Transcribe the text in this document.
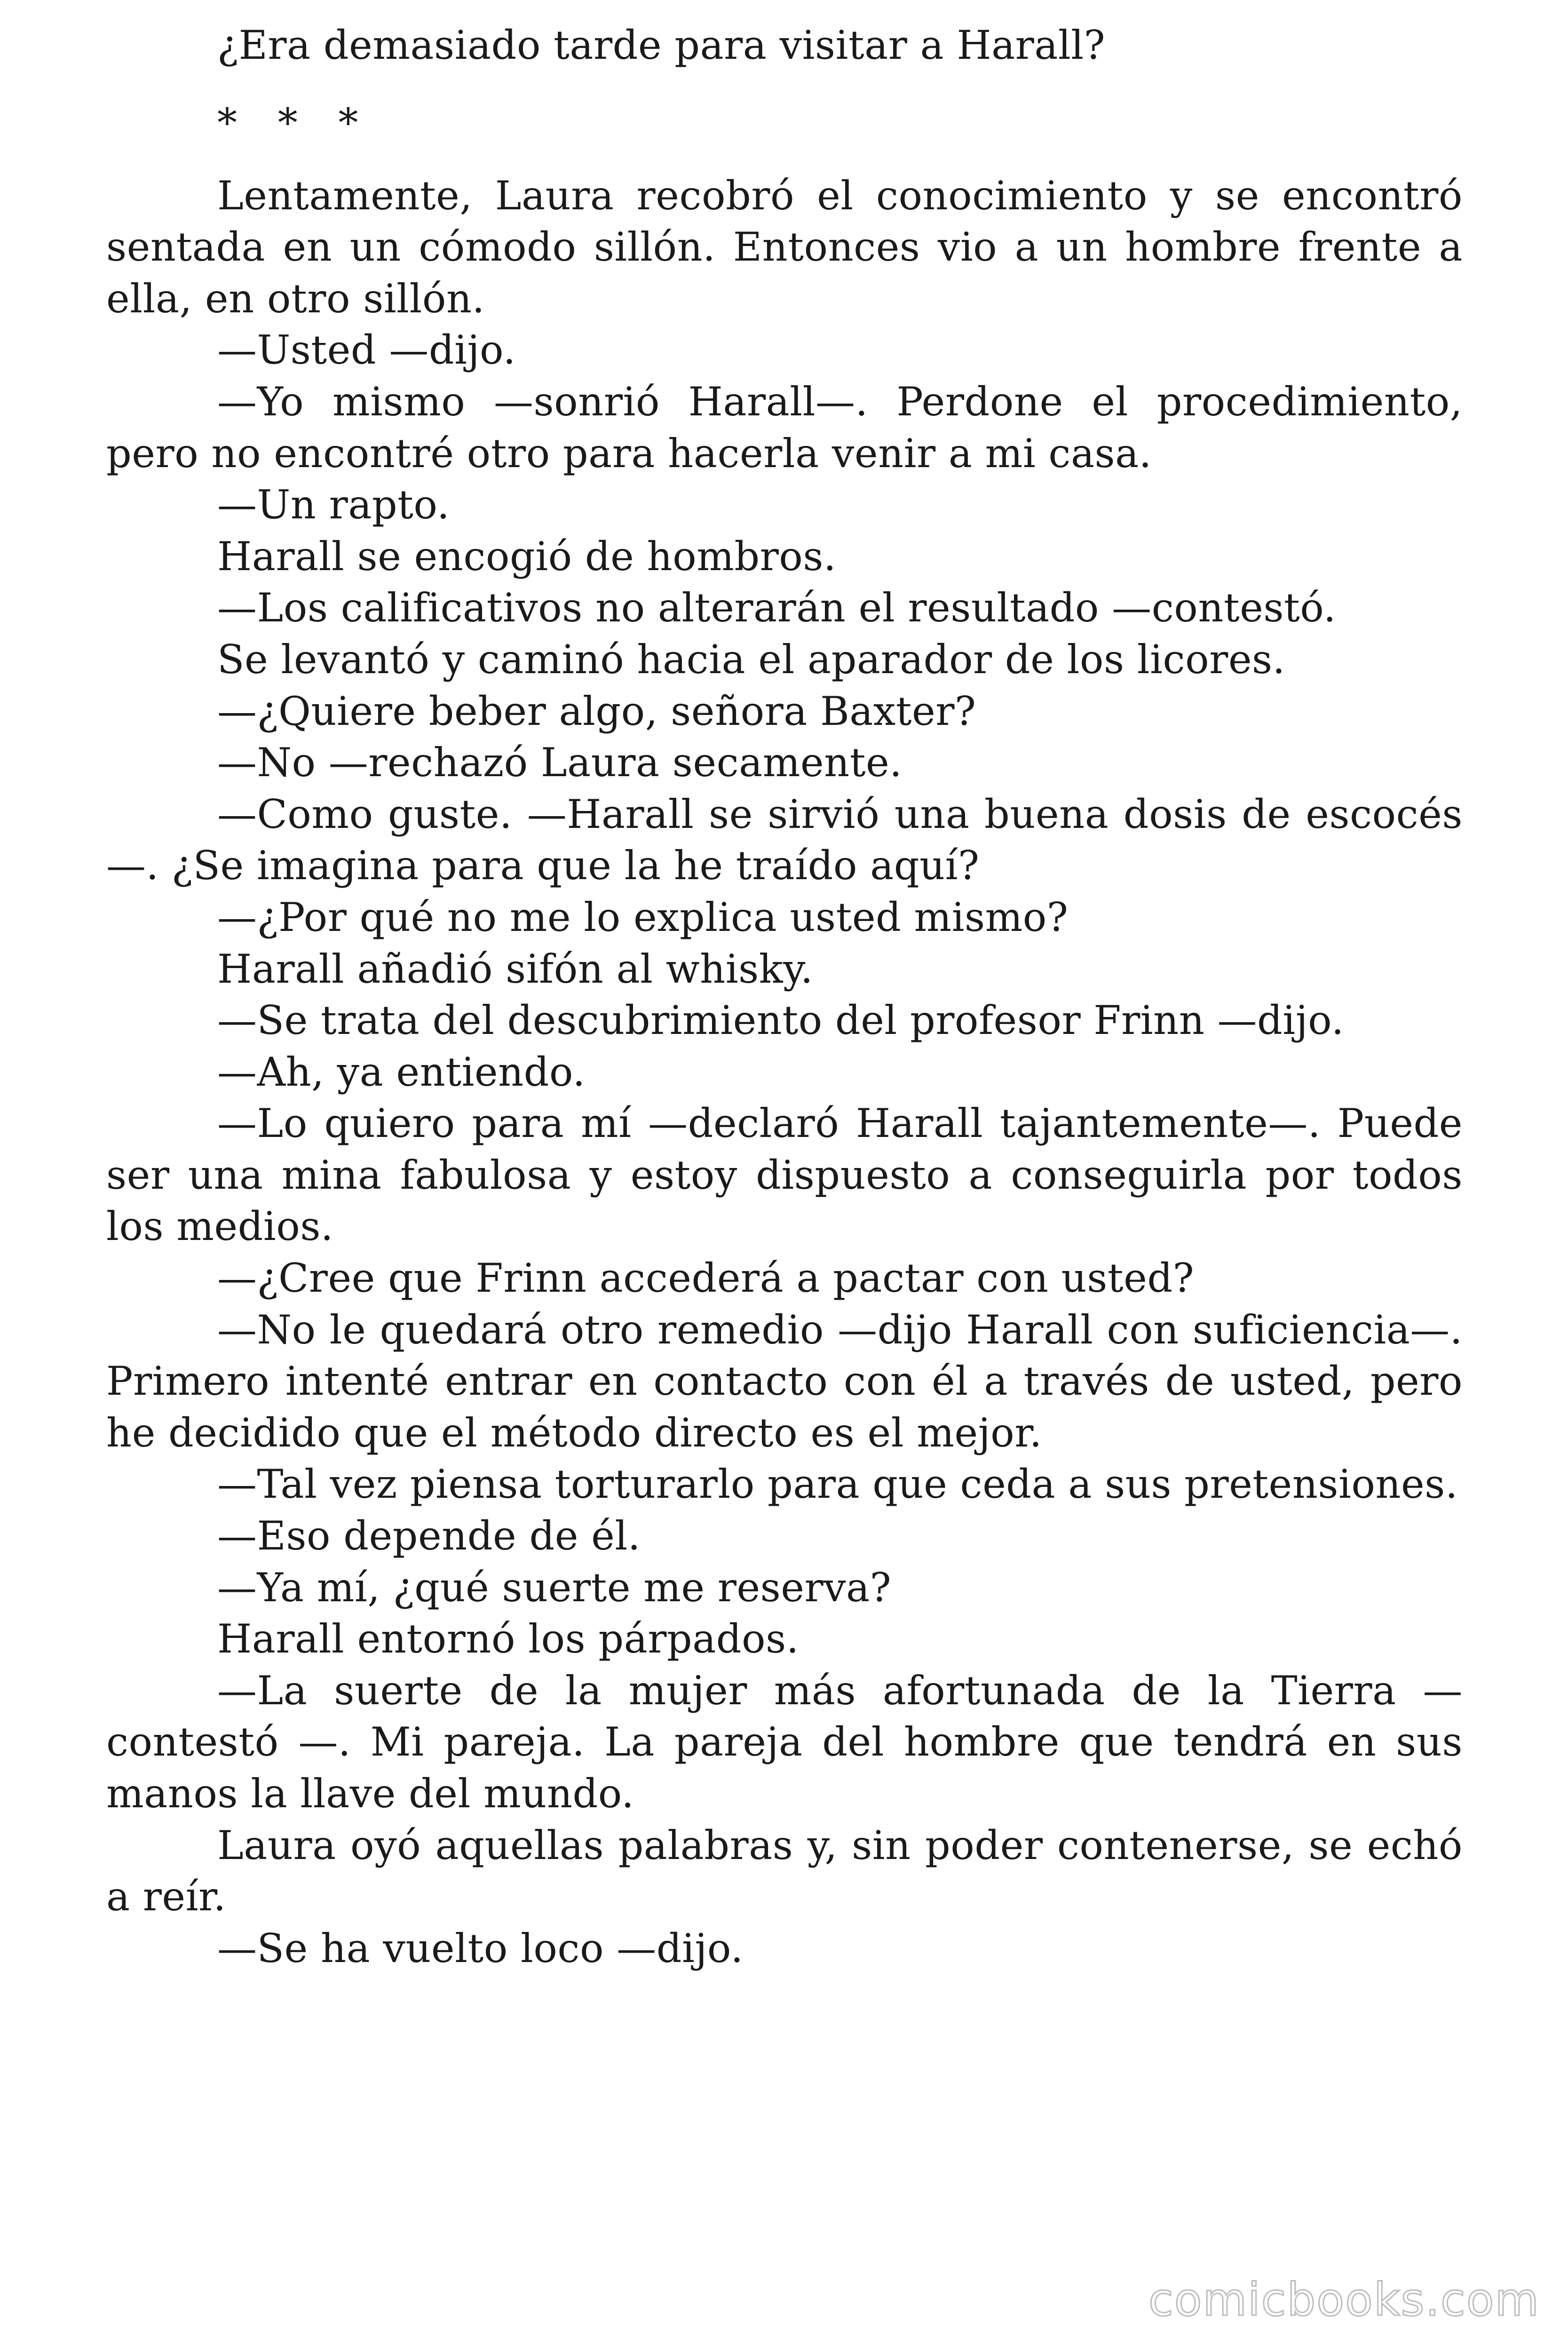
¿Era demasiado tarde para visitar a Harall?

* * *

Lentamente, Laura recobró el conocimiento y se encontró sentada en un cómodo sillón. Entonces vio a un hombre frente a ella, en otro sillón.

—Usted —dijo.

—Yo mismo —sonrió Harall—. Perdone el procedimiento, pero no encontré otro para hacerla venir a mi casa.

—Un rapto.

Harall se encogió de hombros.

—Los calificativos no alterarán el resultado —contestó.

Se levantó y caminó hacia el aparador de los licores.

—¿Quiere beber algo, señora Baxter?

—No —rechazó Laura secamente.

—Como guste. —Harall se sirvió una buena dosis de escocés—. ¿Se imagina para que la he traído aquí?

—¿Por qué no me lo explica usted mismo?

Harall añadió sifón al whisky.

—Se trata del descubrimiento del profesor Frinn —dijo.

—Ah, ya entiendo.

—Lo quiero para mí —declaró Harall tajantemente—. Puede ser una mina fabulosa y estoy dispuesto a conseguirla por todos los medios.

—¿Cree que Frinn accederá a pactar con usted?

—No le quedará otro remedio —dijo Harall con suficiencia—. Primero intenté entrar en contacto con él a través de usted, pero he decidido que el método directo es el mejor.

—Tal vez piensa torturarlo para que ceda a sus pretensiones.

—Eso depende de él.

—Ya mí, ¿qué suerte me reserva?

Harall entornó los párpados.

—La suerte de la mujer más afortunada de la Tierra —contestó —. Mi pareja. La pareja del hombre que tendrá en sus manos la llave del mundo.

Laura oyó aquellas palabras y, sin poder contenerse, se echó a reír.

—Se ha vuelto loco —dijo.

comicbooks.com
